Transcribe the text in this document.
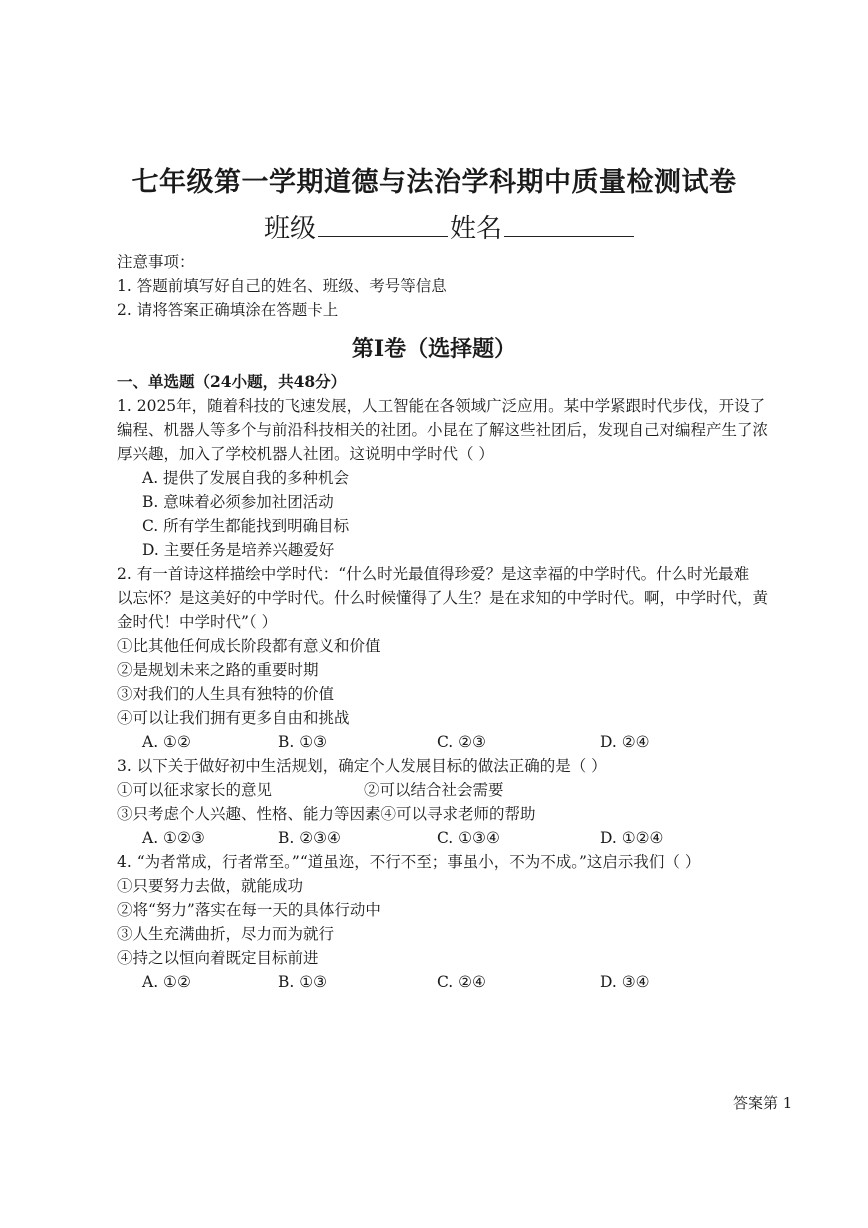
七年级第一学期道德与法治学科期中质量检测试卷
班级	姓名
注意事项：
1. 答题前填写好自己的姓名、班级、考号等信息
2. 请将答案正确填涂在答题卡上
第Ⅰ卷（选择题）
一、单选题（24小题，共48分）
1. 2025年，随着科技的飞速发展，人工智能在各领域广泛应用。某中学紧跟时代步伐，开设了
编程、机器人等多个与前沿科技相关的社团。小昆在了解这些社团后，发现自己对编程产生了浓
厚兴趣，加入了学校机器人社团。这说明中学时代（ ）
A. 提供了发展自我的多种机会
B. 意味着必须参加社团活动
C. 所有学生都能找到明确目标
D. 主要任务是培养兴趣爱好
2. 有一首诗这样描绘中学时代：“什么时光最值得珍爱？是这幸福的中学时代。什么时光最难
以忘怀？是这美好的中学时代。什么时候懂得了人生？是在求知的中学时代。啊，中学时代，黄
金时代！中学时代”（ ）
①比其他任何成长阶段都有意义和价值
②是规划未来之路的重要时期
③对我们的人生具有独特的价值
④可以让我们拥有更多自由和挑战
A. ①②	B. ①③	C. ②③	D. ②④
3. 以下关于做好初中生活规划，确定个人发展目标的做法正确的是（ ）
①可以征求家长的意见	②可以结合社会需要
③只考虑个人兴趣、性格、能力等因素④可以寻求老师的帮助
A. ①②③	B. ②③④	C. ①③④	D. ①②④
4. “为者常成，行者常至。”“道虽迩，不行不至；事虽小，不为不成。”这启示我们（ ）
①只要努力去做，就能成功
②将“努力”落实在每一天的具体行动中
③人生充满曲折，尽力而为就行
④持之以恒向着既定目标前进
A. ①②	B. ①③	C. ②④	D. ③④
答案第 1
